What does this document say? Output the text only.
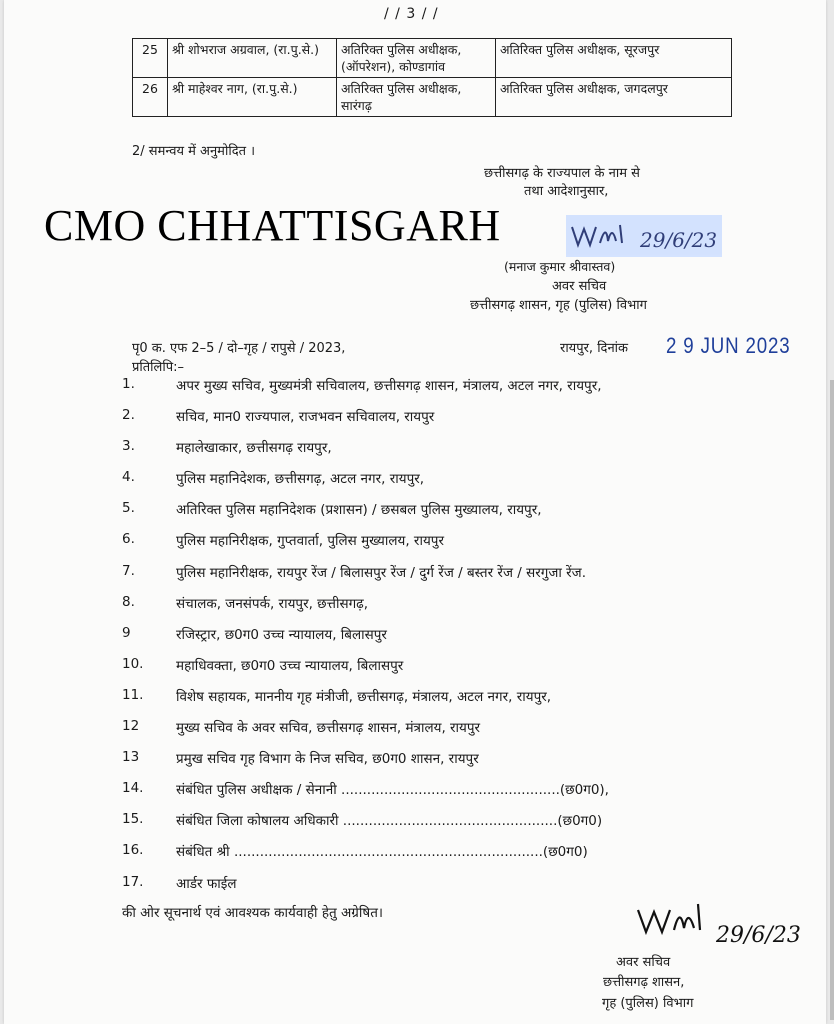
/ / 3 / /
25	श्री शोभराज अग्रवाल, (रा.पु.से.)	अतिरिक्त पुलिस अधीक्षक, (ऑपरेशन), कोण्डागांव	अतिरिक्त पुलिस अधीक्षक, सूरजपुर
26	श्री माहेश्वर नाग, (रा.पु.से.)	अतिरिक्त पुलिस अधीक्षक, सारंगढ़	अतिरिक्त पुलिस अधीक्षक, जगदलपुर
2/ समन्वय में अनुमोदित ।
छत्तीसगढ़ के राज्यपाल के नाम से
तथा आदेशानुसार,
CMO CHHATTISGARH	29/6/23
(मनाज कुमार श्रीवास्तव)
अवर सचिव
छत्तीसगढ़ शासन, गृह (पुलिस) विभाग
पृ0 क. एफ 2–5 / दो–गृह / रापुसे / 2023,	रायपुर, दिनांक 2 9 JUN 2023
प्रतिलिपि:–
1.	अपर मुख्य सचिव, मुख्यमंत्री सचिवालय, छत्तीसगढ़ शासन, मंत्रालय, अटल नगर, रायपुर,
2.	सचिव, मान0 राज्यपाल, राजभवन सचिवालय, रायपुर
3.	महालेखाकार, छत्तीसगढ़ रायपुर,
4.	पुलिस महानिदेशक, छत्तीसगढ़, अटल नगर, रायपुर,
5.	अतिरिक्त पुलिस महानिदेशक (प्रशासन) / छसबल पुलिस मुख्यालय, रायपुर,
6.	पुलिस महानिरीक्षक, गुप्तवार्ता, पुलिस मुख्यालय, रायपुर
7.	पुलिस महानिरीक्षक, रायपुर रेंज / बिलासपुर रेंज / दुर्ग रेंज / बस्तर रेंज / सरगुजा रेंज.
8.	संचालक, जनसंपर्क, रायपुर, छत्तीसगढ़,
9	रजिस्ट्रार, छ0ग0 उच्च न्यायालय, बिलासपुर
10.	महाधिवक्ता, छ0ग0 उच्च न्यायालय, बिलासपुर
11.	विशेष सहायक, माननीय गृह मंत्रीजी, छत्तीसगढ़, मंत्रालय, अटल नगर, रायपुर,
12	मुख्य सचिव के अवर सचिव, छत्तीसगढ़ शासन, मंत्रालय, रायपुर
13	प्रमुख सचिव गृह विभाग के निज सचिव, छ0ग0 शासन, रायपुर
14.	संबंधित पुलिस अधीक्षक / सेनानी ...................................................(छ0ग0),
15.	संबंधित जिला कोषालय अधिकारी ..................................................(छ0ग0)
16.	संबंधित श्री ........................................................................(छ0ग0)
17.	आर्डर फाईल
की ओर सूचनार्थ एवं आवश्यक कार्यवाही हेतु अग्रेषित।
29/6/23
अवर सचिव
छत्तीसगढ़ शासन,
गृह (पुलिस) विभाग
